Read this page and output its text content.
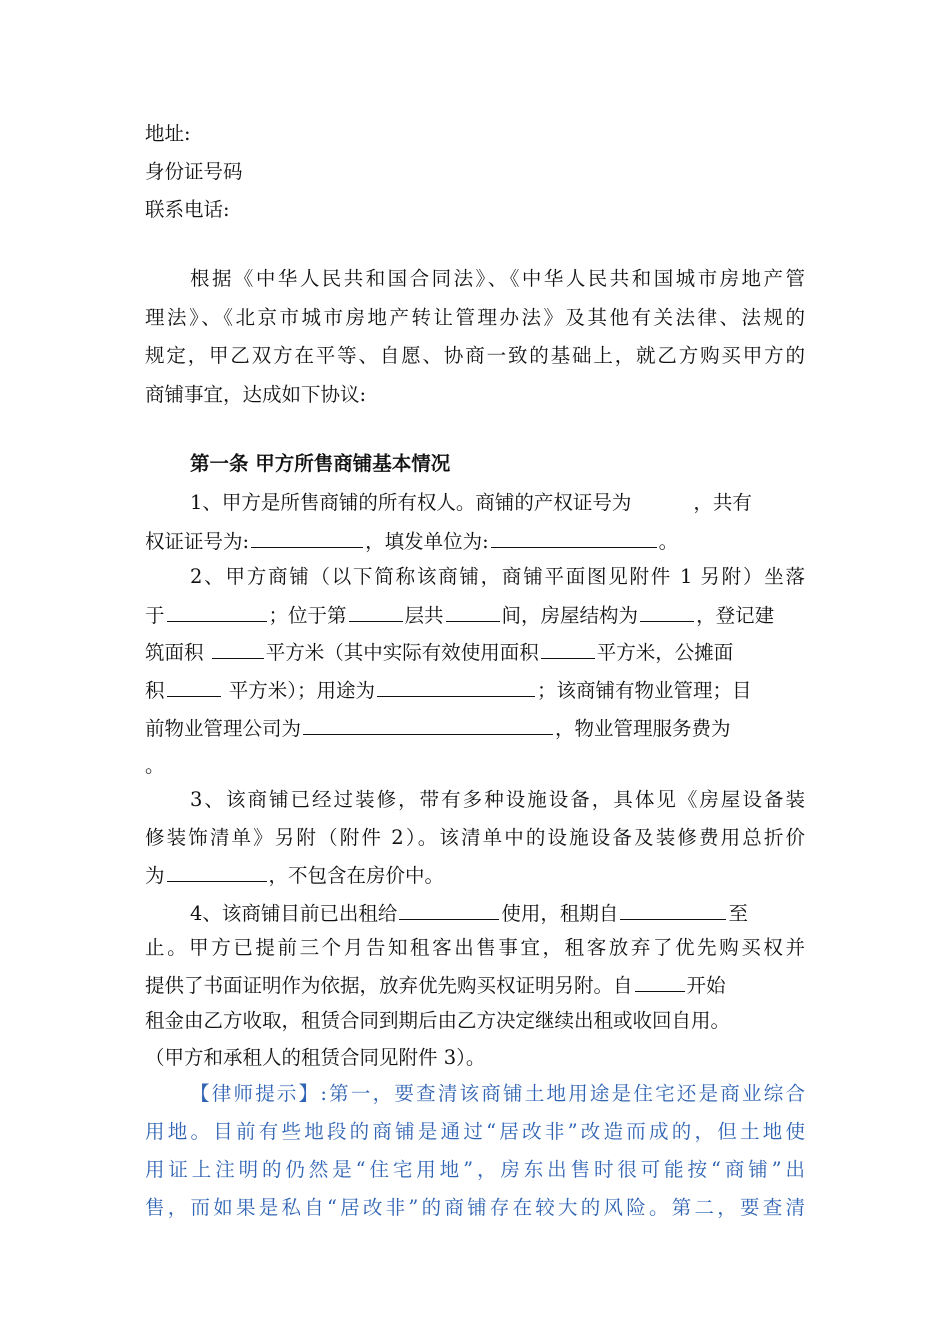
地址:
身份证号码
联系电话:
根据《中华人民共和国合同法》、《中华人民共和国城市房地产管
理法》、《北京市城市房地产转让管理办法》及其他有关法律、法规的
规定，甲乙双方在平等、自愿、协商一致的基础上，就乙方购买甲方的
商铺事宜，达成如下协议:
第一条 甲方所售商铺基本情况
1、甲方是所售商铺的所有权人。商铺的产权证号为	，共有
权证证号为:	，填发单位为:	。
2、甲方商铺（以下简称该商铺，商铺平面图见附件 1 另附）坐落
于	；位于第	层共	间，房屋结构为	，登记建
筑面积	平方米（其中实际有效使用面积	平方米，公摊面
积	平方米）；用途为	；该商铺有物业管理；目
前物业管理公司为	，物业管理服务费为
。
3、该商铺已经过装修，带有多种设施设备，具体见《房屋设备装
修装饰清单》另附（附件 2）。该清单中的设施设备及装修费用总折价
为	，不包含在房价中。
4、该商铺目前已出租给	使用，租期自	至
止。甲方已提前三个月告知租客出售事宜，租客放弃了优先购买权并
提供了书面证明作为依据，放弃优先购买权证明另附。自	开始
租金由乙方收取，租赁合同到期后由乙方决定继续出租或收回自用。
（甲方和承租人的租赁合同见附件 3）。
【律师提示】:第一，要查清该商铺土地用途是住宅还是商业综合
用地。目前有些地段的商铺是通过“居改非”改造而成的，但土地使
用证上注明的仍然是“住宅用地”，房东出售时很可能按“商铺”出
售，而如果是私自“居改非”的商铺存在较大的风险。第二，要查清
